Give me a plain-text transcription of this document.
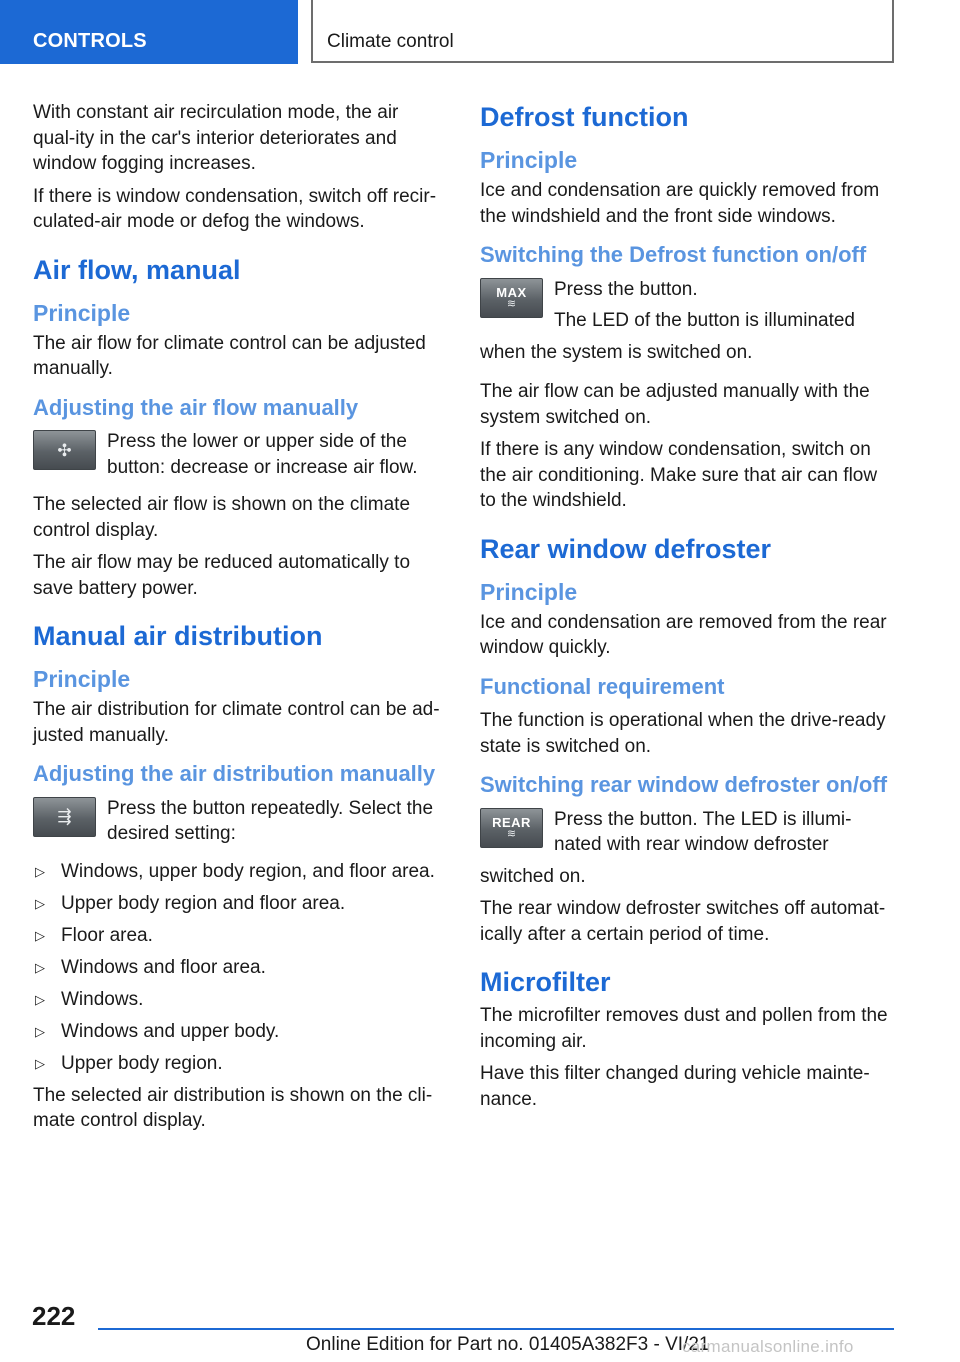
CONTROLS	Climate control

With constant air recirculation mode, the air qual-ity in the car's interior deteriorates and window fogging increases.

If there is window condensation, switch off recir-culated-air mode or defog the windows.

Air flow, manual
Principle

The air flow for climate control can be adjusted manually.

Adjusting the air flow manually
✣ Press the lower or upper side of the button: decrease or increase air flow.

The selected air flow is shown on the climate control display.

The air flow may be reduced automatically to save battery power.

Manual air distribution
Principle

The air distribution for climate control can be ad-justed manually.

Adjusting the air distribution manually
⇶ Press the button repeatedly. Select the desired setting:

▷ Windows, upper body region, and floor area.
▷ Upper body region and floor area.
▷ Floor area.
▷ Windows and floor area.
▷ Windows.
▷ Windows and upper body.
▷ Upper body region.

The selected air distribution is shown on the cli-mate control display.

Defrost function
Principle

Ice and condensation are quickly removed from the windshield and the front side windows.

Switching the Defrost function on/off
MAX
≋

Press the button.

The LED of the button is illuminated

when the system is switched on.

The air flow can be adjusted manually with the system switched on.

If there is any window condensation, switch on the air conditioning. Make sure that air can flow to the windshield.

Rear window defroster
Principle

Ice and condensation are removed from the rear window quickly.

Functional requirement

The function is operational when the drive-ready state is switched on.

Switching rear window defroster on/off
REAR
≋

Press the button. The LED is illumi-nated with rear window defroster

switched on.

The rear window defroster switches off automat-ically after a certain period of time.

Microfilter

The microfilter removes dust and pollen from the incoming air.

Have this filter changed during vehicle mainte-nance.

222
Online Edition for Part no. 01405A382F3 - VI/21
carmanualsonline.info
